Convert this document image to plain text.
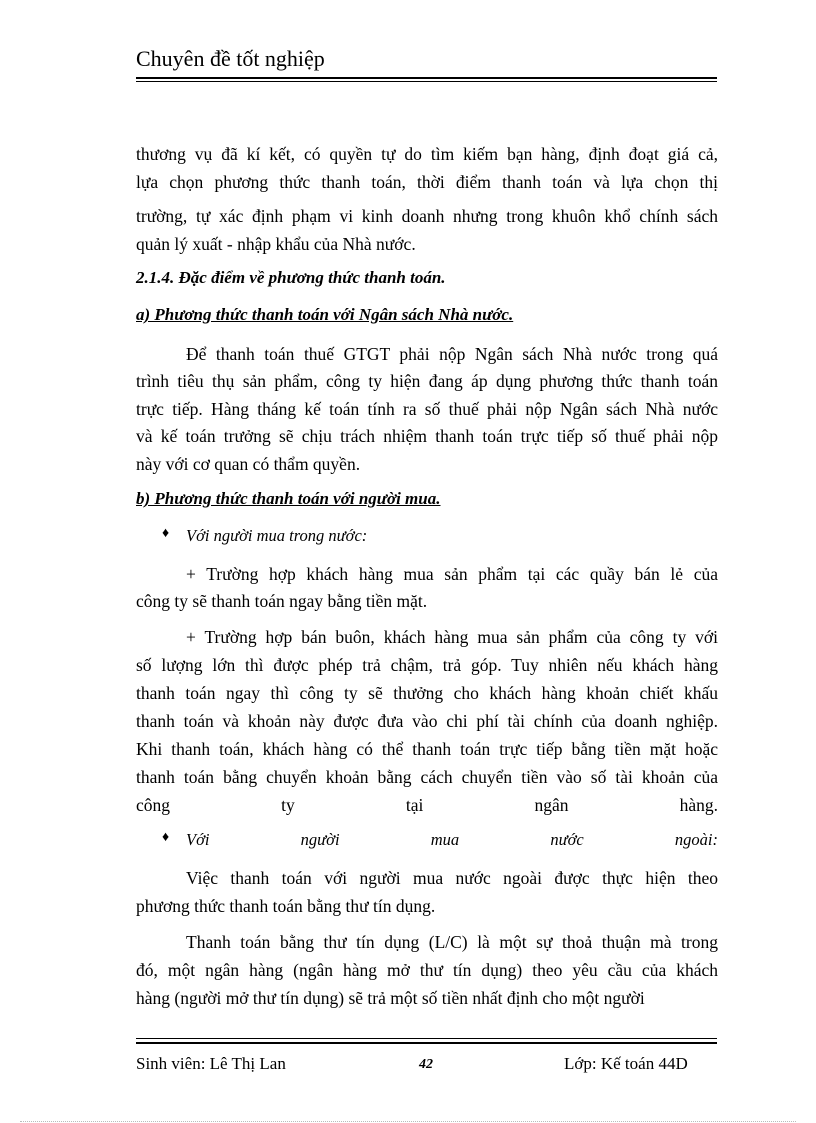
Chuyên đề tốt nghiệp
thương vụ đã kí kết, có quyền tự do tìm kiếm bạn hàng, định đoạt giá cả,
lựa chọn phương thức thanh toán, thời điểm thanh toán và lựa chọn thị
trường, tự xác định phạm vi kinh doanh nhưng trong khuôn khổ chính sách
quản lý xuất - nhập khẩu của Nhà nước.
2.1.4. Đặc điểm về phương thức thanh toán.
a) Phương thức thanh toán với Ngân sách Nhà nước.
Để thanh toán thuế GTGT phải nộp Ngân sách Nhà nước trong quá
trình tiêu thụ sản phẩm, công ty hiện đang áp dụng phương thức thanh toán
trực tiếp. Hàng tháng kế toán tính ra số thuế phải nộp Ngân sách Nhà nước
và kế toán trưởng sẽ chịu trách nhiệm thanh toán trực tiếp số thuế phải nộp
này với cơ quan có thẩm quyền.
b) Phương thức thanh toán với người mua.
♦ Với người mua trong nước:
+ Trường hợp khách hàng mua sản phẩm tại các quầy bán lẻ của
công ty sẽ thanh toán ngay bằng tiền mặt.
+ Trường hợp bán buôn, khách hàng mua sản phẩm của công ty với
số lượng lớn thì được phép trả chậm, trả góp. Tuy nhiên nếu khách hàng
thanh toán ngay thì công ty sẽ thưởng cho khách hàng khoản chiết khấu
thanh toán và khoản này được đưa vào chi phí tài chính của doanh nghiệp.
Khi thanh toán, khách hàng có thể thanh toán trực tiếp bằng tiền mặt hoặc
thanh toán bằng chuyển khoản bằng cách chuyển tiền vào số tài khoản của
công ty tại ngân hàng.
♦ Với người mua nước ngoài:
Việc thanh toán với người mua nước ngoài được thực hiện theo
phương thức thanh toán bằng thư tín dụng.
Thanh toán bằng thư tín dụng (L/C) là một sự thoả thuận mà trong
đó, một ngân hàng (ngân hàng mở thư tín dụng) theo yêu cầu của khách
hàng (người mở thư tín dụng) sẽ trả một số tiền nhất định cho một người
Sinh viên: Lê Thị Lan	42	Lớp: Kế toán 44D
